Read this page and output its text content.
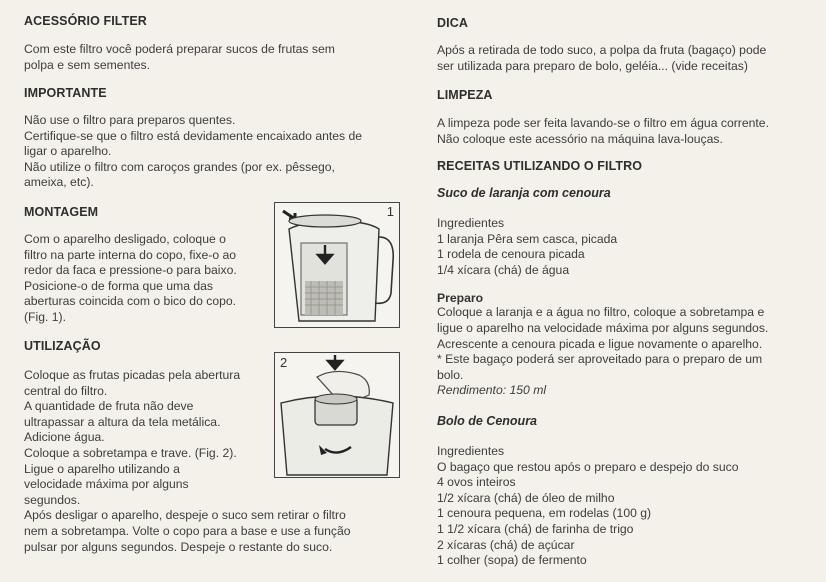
ACESSÓRIO FILTER

Com este filtro você poderá preparar sucos de frutas sem

polpa e sem sementes.

IMPORTANTE

Não use o filtro para preparos quentes.

Certifique-se que o filtro está devidamente encaixado antes de

ligar o aparelho.

Não utilize o filtro com caroços grandes (por ex. pêssego,

ameixa, etc).

MONTAGEM

Com o aparelho desligado, coloque o

filtro na parte interna do copo, fixe-o ao

redor da faca e pressione-o para baixo.

Posicione-o de forma que uma das

aberturas coincida com o bico do copo.

(Fig. 1).

UTILIZAÇÃO

Coloque as frutas picadas pela abertura

central do filtro.

A quantidade de fruta não deve

ultrapassar a altura da tela metálica.

Adicione água.

Coloque a sobretampa e trave. (Fig. 2).

Ligue o aparelho utilizando a

velocidade máxima por alguns

segundos.

Após desligar o aparelho, despeje o suco sem retirar o filtro

nem a sobretampa. Volte o copo para a base e use a função

pulsar por alguns segundos. Despeje o restante do suco.

1
2
DICA

Após a retirada de todo suco, a polpa da fruta (bagaço) pode

ser utilizada para preparo de bolo, geléia... (vide receitas)

LIMPEZA

A limpeza pode ser feita lavando-se o filtro em água corrente.

Não coloque este acessório na máquina lava-louças.

RECEITAS UTILIZANDO O FILTRO
Suco de laranja com cenoura

Ingredientes

1 laranja Pêra sem casca, picada

1 rodela de cenoura picada

1/4 xícara (chá) de água

Preparo

Coloque a laranja e a água no filtro, coloque a sobretampa e

ligue o aparelho na velocidade máxima por alguns segundos.

Acrescente a cenoura picada e ligue novamente o aparelho.

* Este bagaço poderá ser aproveitado para o preparo de um

bolo.

Rendimento: 150 ml

Bolo de Cenoura

Ingredientes

O bagaço que restou após o preparo e despejo do suco

4 ovos inteiros

1/2 xícara (chá) de óleo de milho

1 cenoura pequena, em rodelas (100 g)

1 1/2 xícara (chá) de farinha de trigo

2 xícaras (chá) de açúcar

1 colher (sopa) de fermento
